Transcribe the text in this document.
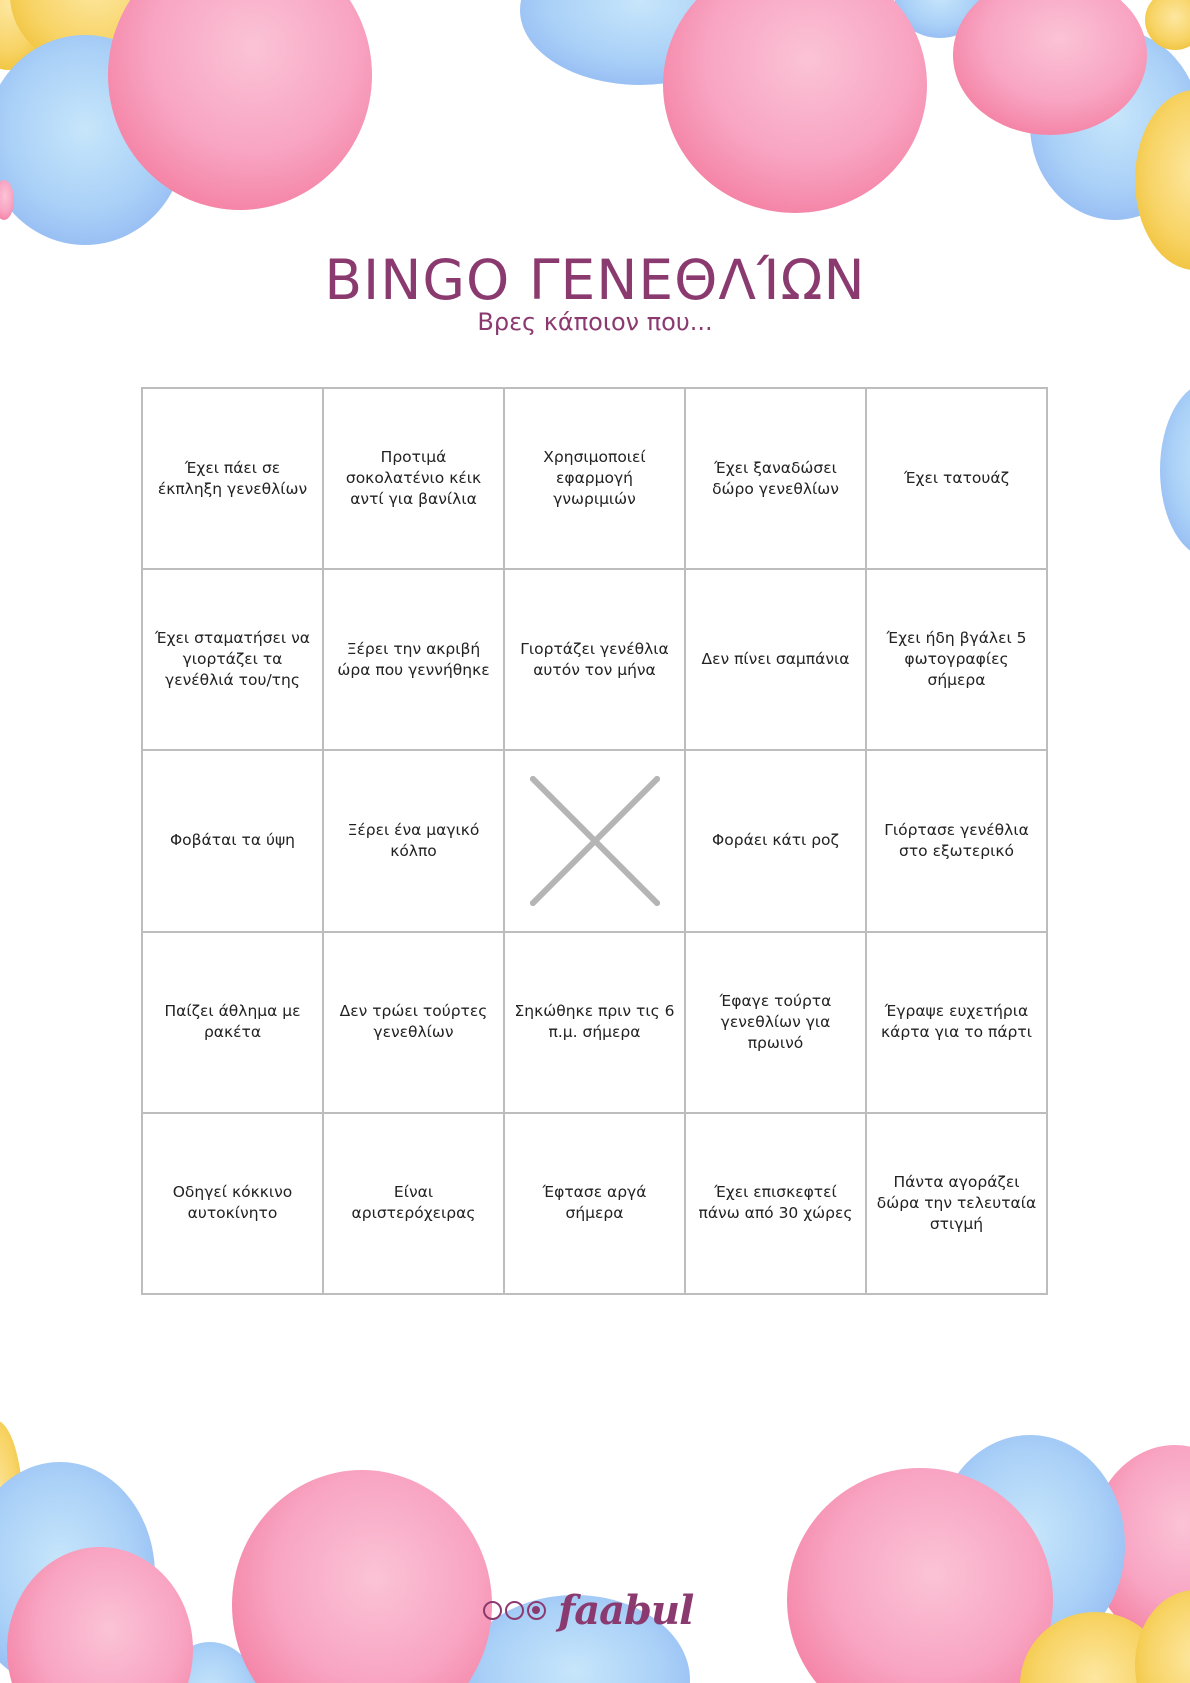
BINGO ΓΕΝΕΘΛΊΩΝ
Βρες κάποιον που...
Έχει πάει σε έκπληξη γενεθλίων
Προτιμά σοκολατένιο κέικ αντί για βανίλια
Χρησιμοποιεί εφαρμογή γνωριμιών
Έχει ξαναδώσει δώρο γενεθλίων
Έχει τατουάζ
Έχει σταματήσει να γιορτάζει τα γενέθλιά του/της
Ξέρει την ακριβή ώρα που γεννήθηκε
Γιορτάζει γενέθλια αυτόν τον μήνα
Δεν πίνει σαμπάνια
Έχει ήδη βγάλει 5 φωτογραφίες σήμερα
Φοβάται τα ύψη
Ξέρει ένα μαγικό κόλπο
Φοράει κάτι ροζ
Γιόρτασε γενέθλια στο εξωτερικό
Παίζει άθλημα με ρακέτα
Δεν τρώει τούρτες γενεθλίων
Σηκώθηκε πριν τις 6 π.μ. σήμερα
Έφαγε τούρτα γενεθλίων για πρωινό
Έγραψε ευχετήρια κάρτα για το πάρτι
Οδηγεί κόκκινο αυτοκίνητο
Είναι αριστερόχειρας
Έφτασε αργά σήμερα
Έχει επισκεφτεί πάνω από 30 χώρες
Πάντα αγοράζει δώρα την τελευταία στιγμή
faabul
